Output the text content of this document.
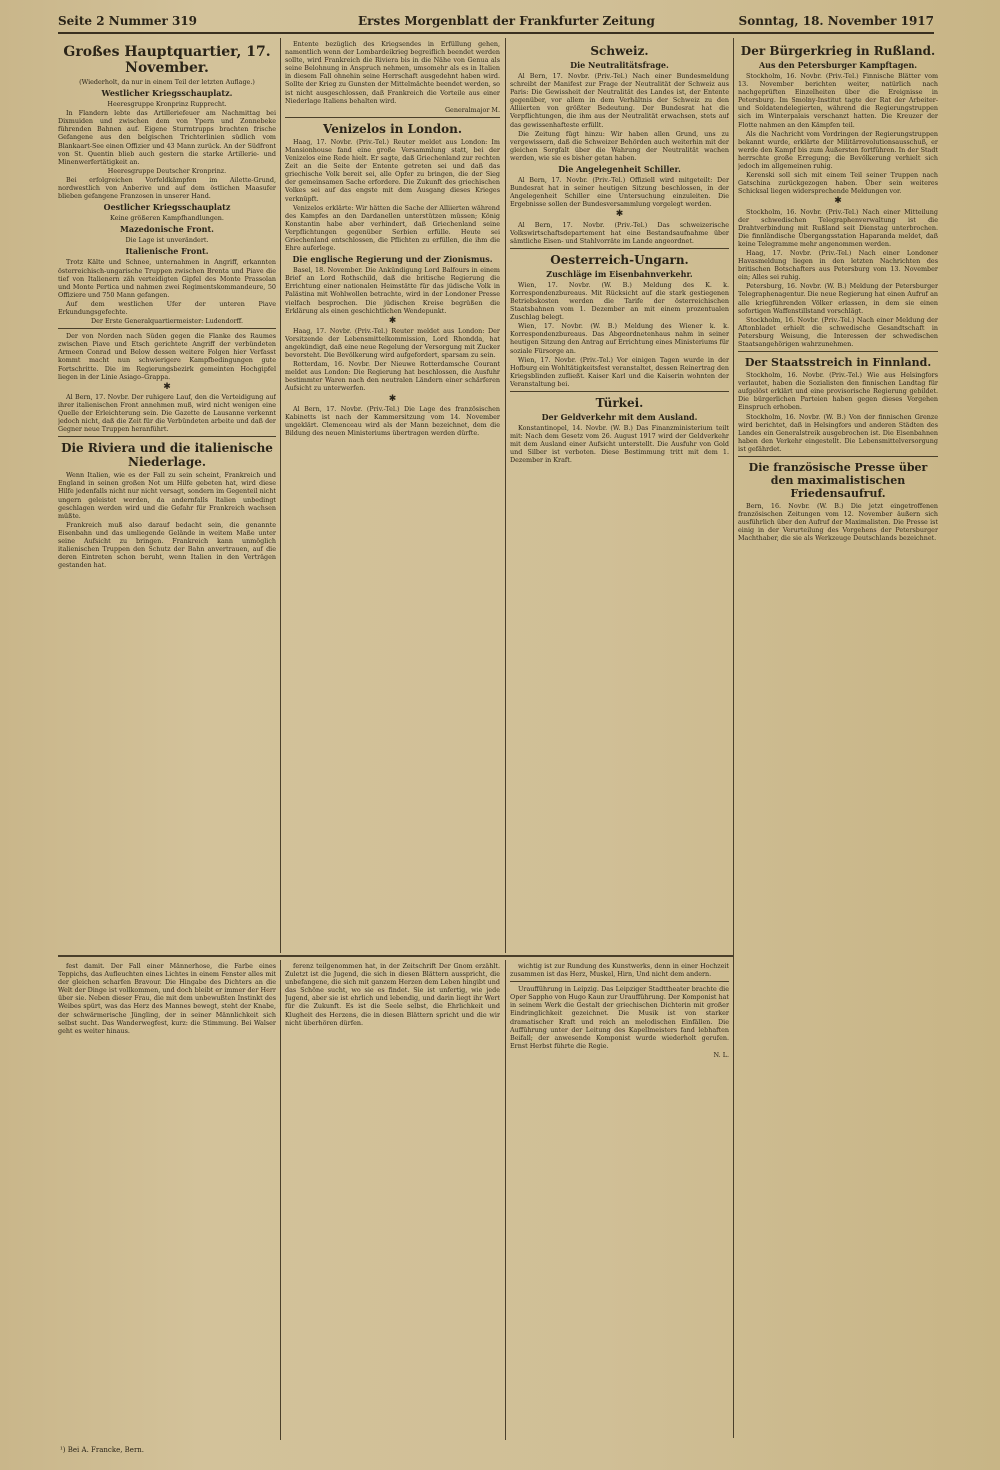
Seite 2 Nummer 319	Erstes Morgenblatt der Frankfurter Zeitung	Sonntag, 18. November 1917
Großes Hauptquartier, 17. November.
(Wiederholt, da nur in einem Teil der letzten Auflage.)
Westlicher Kriegsschauplatz.
Heeresgruppe Kronprinz Rupprecht.

In Flandern lebte das Artilleriefeuer am Nachmittag bei Dixmuiden und zwischen dem von Ypern und Zonnebeke führenden Bahnen auf. Eigene Sturmtrupps brachten frische Gefangene aus den belgischen Trichterlinien südlich vom Blankaart-See einen Offizier und 43 Mann zurück. An der Südfront von St. Quentin blieb auch gestern die starke Artillerie- und Minenwerfertätigkeit an.

Heeresgruppe Deutscher Kronprinz.

Bei erfolgreichen Vorfeldkämpfen im Ailette-Grund, nordwestlich von Anberive und auf dem östlichen Maasufer blieben gefangene Franzosen in unserer Hand.

Oestlicher Kriegsschauplatz
Keine größeren Kampfhandlungen.
Mazedonische Front.
Die Lage ist unverändert.
Italienische Front.

Trotz Kälte und Schnee, unternahmen in Angriff, erkannten österreichisch-ungarische Truppen zwischen Brenta und Piave die tief von Italienern zäh verteidigten Gipfel des Monte Prassolan und Monte Pertica und nahmen zwei Regimentskommandeure, 50 Offiziere und 750 Mann gefangen.

Auf dem westlichen Ufer der unteren Piave Erkundungsgefechte.

Der Erste Generalquartiermeister: Ludendorff.

Der von Norden nach Süden gegen die Flanke des Raumes zwischen Piave und Etsch gerichtete Angriff der verbündeten Armeen Conrad und Below dessen weitere Folgen hier Verfasst kommt macht nun schwierigere Kampfbedingungen gute Fortschritte. Die im Regierungsbezirk gemeinten Hochgipfel liegen in der Linie Asiago–Grappa.

✱

Al Bern, 17. Novbr. Der ruhigere Lauf, den die Verteidigung auf ihrer italienischen Front annehmen muß, wird nicht wenigen eine Quelle der Erleichterung sein. Die Gazette de Lausanne verkennt jedoch nicht, daß die Zeit für die Verbündeten arbeite und daß der Gegner neue Truppen heranführt.

Die Riviera und die italienische Niederlage.

Wenn Italien, wie es der Fall zu sein scheint, Frankreich und England in seinen großen Not um Hilfe gebeten hat, wird diese Hilfe jedenfalls nicht nur nicht versagt, sondern im Gegenteil nicht ungern geleistet werden, da andernfalls Italien unbedingt geschlagen werden wird und die Gefahr für Frankreich wachsen müßte.

Frankreich muß also darauf bedacht sein, die genannte Eisenbahn und das umliegende Gelände in weitem Maße unter seine Aufsicht zu bringen. Frankreich kann unmöglich italienischen Truppen den Schutz der Bahn anvertrauen, auf die deren Eintreten schon beruht, wenn Italien in den Verträgen gestanden hat.

Entente bezüglich des Kriegsendes in Erfüllung gehen, namentlich wenn der Lombardeikrieg begreiflich beendet werden sollte, wird Frankreich die Riviera bis in die Nähe von Genua als seine Belohnung in Anspruch nehmen, umsomehr als es in Italien in diesem Fall ohnehin seine Herrschaft ausgedehnt haben wird. Sollte der Krieg zu Gunsten der Mittelmächte beendet werden, so ist nicht ausgeschlossen, daß Frankreich die Vorteile aus einer Niederlage Italiens behalten wird.

Generalmajor M.
Venizelos in London.

Haag, 17. Novbr. (Priv.-Tel.) Reuter meldet aus London: Im Mansionhouse fand eine große Versammlung statt, bei der Venizelos eine Rede hielt. Er sagte, daß Griechenland zur rechten Zeit an die Seite der Entente getreten sei und daß das griechische Volk bereit sei, alle Opfer zu bringen, die der Sieg der gemeinsamen Sache erfordere. Die Zukunft des griechischen Volkes sei auf das engste mit dem Ausgang dieses Krieges verknüpft.

Venizelos erklärte: Wir hätten die Sache der Alliierten während des Kampfes an den Dardanellen unterstützen müssen; König Konstantin habe aber verhindert, daß Griechenland seine Verpflichtungen gegenüber Serbien erfülle. Heute sei Griechenland entschlossen, die Pflichten zu erfüllen, die ihm die Ehre auferlege.

Die englische Regierung und der Zionismus.

Basel, 18. November. Die Ankündigung Lord Balfours in einem Brief an Lord Rothschild, daß die britische Regierung die Errichtung einer nationalen Heimstätte für das jüdische Volk in Palästina mit Wohlwollen betrachte, wird in der Londoner Presse vielfach besprochen. Die jüdischen Kreise begrüßen die Erklärung als einen geschichtlichen Wendepunkt.

✱

Haag, 17. Novbr. (Priv.-Tel.) Reuter meldet aus London: Der Vorsitzende der Lebensmittelkommission, Lord Rhondda, hat angekündigt, daß eine neue Regelung der Versorgung mit Zucker bevorsteht. Die Bevölkerung wird aufgefordert, sparsam zu sein.

Rotterdam, 16. Novbr. Der Nieuwe Rotterdamsche Courant meldet aus London: Die Regierung hat beschlossen, die Ausfuhr bestimmter Waren nach den neutralen Ländern einer schärferen Aufsicht zu unterwerfen.

✱

Al Bern, 17. Novbr. (Priv.-Tel.) Die Lage des französischen Kabinetts ist nach der Kammersitzung vom 14. November ungeklärt. Clemenceau wird als der Mann bezeichnet, dem die Bildung des neuen Ministeriums übertragen werden dürfte.

Schweiz.
Die Neutralitätsfrage.

Al Bern, 17. Novbr. (Priv.-Tel.) Nach einer Bundesmeldung schreibt der Manifest zur Frage der Neutralität der Schweiz aus Paris: Die Gewissheit der Neutralität des Landes ist, der Entente gegenüber, vor allem in dem Verhältnis der Schweiz zu den Alliierten von größter Bedeutung. Der Bundesrat hat die Verpflichtungen, die ihm aus der Neutralität erwachsen, stets auf das gewissenhafteste erfüllt.

Die Zeitung fügt hinzu: Wir haben allen Grund, uns zu vergewissern, daß die Schweizer Behörden auch weiterhin mit der gleichen Sorgfalt über die Wahrung der Neutralität wachen werden, wie sie es bisher getan haben.

Die Angelegenheit Schiller.

Al Bern, 17. Novbr. (Priv.-Tel.) Offiziell wird mitgeteilt: Der Bundesrat hat in seiner heutigen Sitzung beschlossen, in der Angelegenheit Schiller eine Untersuchung einzuleiten. Die Ergebnisse sollen der Bundesversammlung vorgelegt werden.

✱

Al Bern, 17. Novbr. (Priv.-Tel.) Das schweizerische Volkswirtschaftsdepartement hat eine Bestandsaufnahme über sämtliche Eisen- und Stahlvorräte im Lande angeordnet.

Oesterreich-Ungarn.
Zuschläge im Eisenbahnverkehr.

Wien, 17. Novbr. (W. B.) Meldung des K. k. Korrespondenzbureaus. Mit Rücksicht auf die stark gestiegenen Betriebskosten werden die Tarife der österreichischen Staatsbahnen vom 1. Dezember an mit einem prozentualen Zuschlag belegt.

Wien, 17. Novbr. (W. B.) Meldung des Wiener k. k. Korrespondenzbureaus. Das Abgeordnetenhaus nahm in seiner heutigen Sitzung den Antrag auf Errichtung eines Ministeriums für soziale Fürsorge an.

Wien, 17. Novbr. (Priv.-Tel.) Vor einigen Tagen wurde in der Hofburg ein Wohltätigkeitsfest veranstaltet, dessen Reinertrag den Kriegsblinden zufließt. Kaiser Karl und die Kaiserin wohnten der Veranstaltung bei.

Türkei.
Der Geldverkehr mit dem Ausland.

Konstantinopel, 14. Novbr. (W. B.) Das Finanzministerium teilt mit: Nach dem Gesetz vom 26. August 1917 wird der Geldverkehr mit dem Ausland einer Aufsicht unterstellt. Die Ausfuhr von Gold und Silber ist verboten. Diese Bestimmung tritt mit dem 1. Dezember in Kraft.

Der Bürgerkrieg in Rußland.
Aus den Petersburger Kampftagen.

Stockholm, 16. Novbr. (Priv.-Tel.) Finnische Blätter vom 13. November berichten weiter, natürlich nach nachgeprüften Einzelheiten über die Ereignisse in Petersburg. Im Smolny-Institut tagte der Rat der Arbeiter- und Soldatendelegierten, während die Regierungstruppen sich im Winterpalais verschanzt hatten. Die Kreuzer der Flotte nahmen an den Kämpfen teil.

Als die Nachricht vom Vordringen der Regierungstruppen bekannt wurde, erklärte der Militärrevolutionsausschuß, er werde den Kampf bis zum Äußersten fortführen. In der Stadt herrschte große Erregung; die Bevölkerung verhielt sich jedoch im allgemeinen ruhig.

Kerenski soll sich mit einem Teil seiner Truppen nach Gatschina zurückgezogen haben. Über sein weiteres Schicksal liegen widersprechende Meldungen vor.

✱

Stockholm, 16. Novbr. (Priv.-Tel.) Nach einer Mitteilung der schwedischen Telegraphenverwaltung ist die Drahtverbindung mit Rußland seit Dienstag unterbrochen. Die finnländische Übergangsstation Haparanda meldet, daß keine Telegramme mehr angenommen werden.

Haag, 17. Novbr. (Priv.-Tel.) Nach einer Londoner Havasmeldung liegen in den letzten Nachrichten des britischen Botschafters aus Petersburg vom 13. November ein; Alles sei ruhig.

Petersburg, 16. Novbr. (W. B.) Meldung der Petersburger Telegraphenagentur. Die neue Regierung hat einen Aufruf an alle kriegführenden Völker erlassen, in dem sie einen sofortigen Waffenstillstand vorschlägt.

Stockholm, 16. Novbr. (Priv.-Tel.) Nach einer Meldung der Aftonbladet erhielt die schwedische Gesandtschaft in Petersburg Weisung, die Interessen der schwedischen Staatsangehörigen wahrzunehmen.

Der Staatsstreich in Finnland.

Stockholm, 16. Novbr. (Priv.-Tel.) Wie aus Helsingfors verlautet, haben die Sozialisten den finnischen Landtag für aufgelöst erklärt und eine provisorische Regierung gebildet. Die bürgerlichen Parteien haben gegen dieses Vorgehen Einspruch erhoben.

Stockholm, 16. Novbr. (W. B.) Von der finnischen Grenze wird berichtet, daß in Helsingfors und anderen Städten des Landes ein Generalstreik ausgebrochen ist. Die Eisenbahnen haben den Verkehr eingestellt. Die Lebensmittelversorgung ist gefährdet.

Die französische Presse über den maximalistischen Friedensaufruf.

Bern, 16. Novbr. (W. B.) Die jetzt eingetroffenen französischen Zeitungen vom 12. November äußern sich ausführlich über den Aufruf der Maximalisten. Die Presse ist einig in der Verurteilung des Vorgehens der Petersburger Machthaber, die sie als Werkzeuge Deutschlands bezeichnet.

fest damit. Der Fall einer Männerhose, die Farbe eines Teppichs, das Aufleuchten eines Lichtes in einem Fenster alles mit der gleichen scharfen Bravour. Die Hingabe des Dichters an die Welt der Dinge ist vollkommen, und doch bleibt er immer der Herr über sie. Neben dieser Frau, die mit dem unbewußten Instinkt des Weibes spürt, was das Herz des Mannes bewegt, steht der Knabe, der schwärmerische Jüngling, der in seiner Männlichkeit sich selbst sucht. Das Wanderwegfest, kurz: die Stimmung. Bei Walser geht es weiter hinaus.

ferenz teilgenommen hat, in der Zeitschrift Der Gnom erzählt. Zuletzt ist die Jugend, die sich in diesen Blättern ausspricht, die unbefangene, die sich mit ganzem Herzen dem Leben hingibt und das Schöne sucht, wo sie es findet. Sie ist unfertig, wie jede Jugend, aber sie ist ehrlich und lebendig, und darin liegt ihr Wert für die Zukunft. Es ist die Seele selbst, die Ehrlichkeit und Klugheit des Herzens, die in diesen Blättern spricht und die wir nicht überhören dürfen.

wichtig ist zur Rundung des Kunstwerks, denn in einer Hochzeit zusammen ist das Herz, Muskel, Hirn, Und nicht dem andern.

Uraufführung in Leipzig. Das Leipziger Stadttheater brachte die Oper Sappho von Hugo Kaun zur Uraufführung. Der Komponist hat in seinem Werk die Gestalt der griechischen Dichterin mit großer Eindringlichkeit gezeichnet. Die Musik ist von starker dramatischer Kraft und reich an melodischen Einfällen. Die Aufführung unter der Leitung des Kapellmeisters fand lebhaften Beifall; der anwesende Komponist wurde wiederholt gerufen. Ernst Herbst führte die Regie.

N. L.
¹) Bei A. Francke, Bern.
